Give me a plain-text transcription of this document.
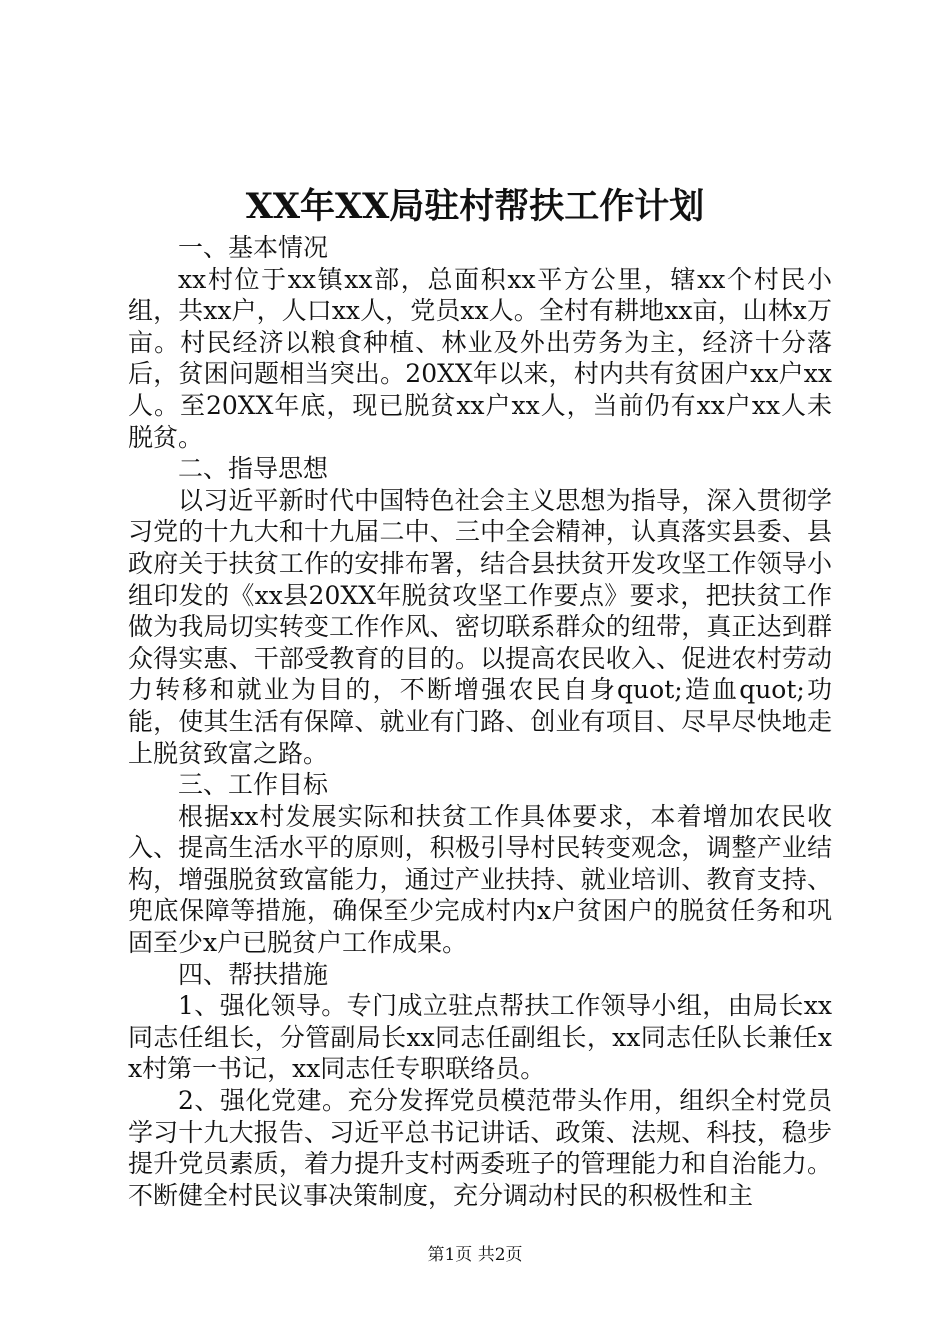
XX年XX局驻村帮扶工作计划

一、基本情况

xx村位于xx镇xx部，总面积xx平方公里，辖xx个村民小组，共xx户，人口xx人，党员xx人。全村有耕地xx亩，山林x万亩。村民经济以粮食种植、林业及外出劳务为主，经济十分落后，贫困问题相当突出。20XX年以来，村内共有贫困户xx户xx人。至20XX年底，现已脱贫xx户xx人，当前仍有xx户xx人未脱贫。

二、指导思想

以习近平新时代中国特色社会主义思想为指导，深入贯彻学习党的十九大和十九届二中、三中全会精神，认真落实县委、县政府关于扶贫工作的安排布署，结合县扶贫开发攻坚工作领导小组印发的《xx县20XX年脱贫攻坚工作要点》要求，把扶贫工作做为我局切实转变工作作风、密切联系群众的纽带，真正达到群众得实惠、干部受教育的目的。以提高农民收入、促进农村劳动力转移和就业为目的，不断增强农民自身quot;造血quot;功能，使其生活有保障、就业有门路、创业有项目、尽早尽快地走上脱贫致富之路。

三、工作目标

根据xx村发展实际和扶贫工作具体要求，本着增加农民收入、提高生活水平的原则，积极引导村民转变观念，调整产业结构，增强脱贫致富能力，通过产业扶持、就业培训、教育支持、兜底保障等措施，确保至少完成村内x户贫困户的脱贫任务和巩固至少x户已脱贫户工作成果。

四、帮扶措施

1、强化领导。专门成立驻点帮扶工作领导小组，由局长xx同志任组长，分管副局长xx同志任副组长，xx同志任队长兼任xx村第一书记，xx同志任专职联络员。

2、强化党建。充分发挥党员模范带头作用，组织全村党员学习十九大报告、习近平总书记讲话、政策、法规、科技，稳步提升党员素质，着力提升支村两委班子的管理能力和自治能力。不断健全村民议事决策制度，充分调动村民的积极性和主

第1页 共2页
